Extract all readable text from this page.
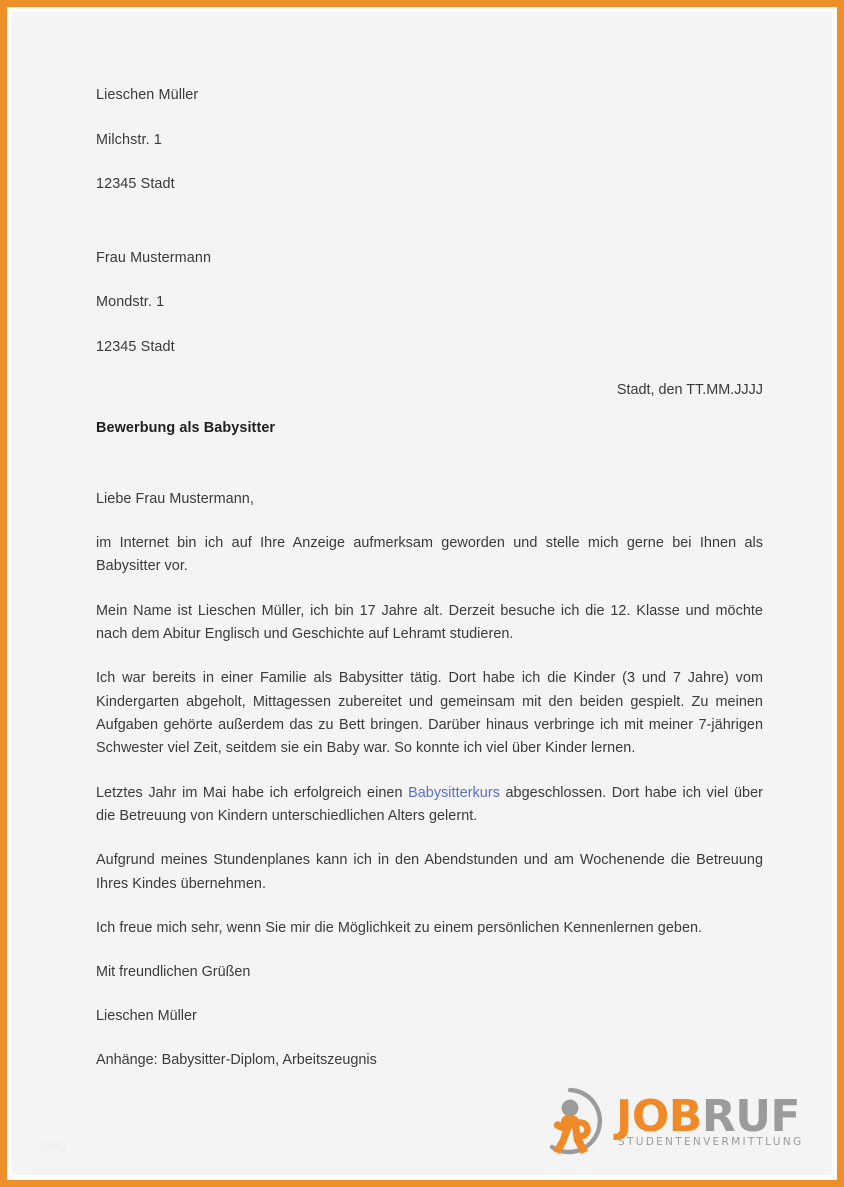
Lieschen Müller
Milchstr. 1
12345 Stadt
Frau Mustermann
Mondstr. 1
12345 Stadt
Stadt, den TT.MM.JJJJ
Bewerbung als Babysitter

Liebe Frau Mustermann,

im Internet bin ich auf Ihre Anzeige aufmerksam geworden und stelle mich gerne bei Ihnen als Babysitter vor.

Mein Name ist Lieschen Müller, ich bin 17 Jahre alt. Derzeit besuche ich die 12. Klasse und möchte nach dem Abitur Englisch und Geschichte auf Lehramt studieren.

Ich war bereits in einer Familie als Babysitter tätig. Dort habe ich die Kinder (3 und 7 Jahre) vom Kindergarten abgeholt, Mittagessen zubereitet und gemeinsam mit den beiden gespielt. Zu meinen Aufgaben gehörte außerdem das zu Bett bringen. Darüber hinaus verbringe ich mit meiner 7-jährigen Schwester viel Zeit, seitdem sie ein Baby war. So konnte ich viel über Kinder lernen.

Letztes Jahr im Mai habe ich erfolgreich einen Babysitterkurs abgeschlossen. Dort habe ich viel über die Betreuung von Kindern unterschiedlichen Alters gelernt.

Aufgrund meines Stundenplanes kann ich in den Abendstunden und am Wochenende die Betreuung Ihres Kindes übernehmen.

Ich freue mich sehr, wenn Sie mir die Möglichkeit zu einem persönlichen Kennenlernen geben.

Mit freundlichen Grüßen
Lieschen Müller
Anhänge: Babysitter-Diplom, Arbeitszeugnis
JOBRUF
STUDENTENVERMITTLUNG
blog
